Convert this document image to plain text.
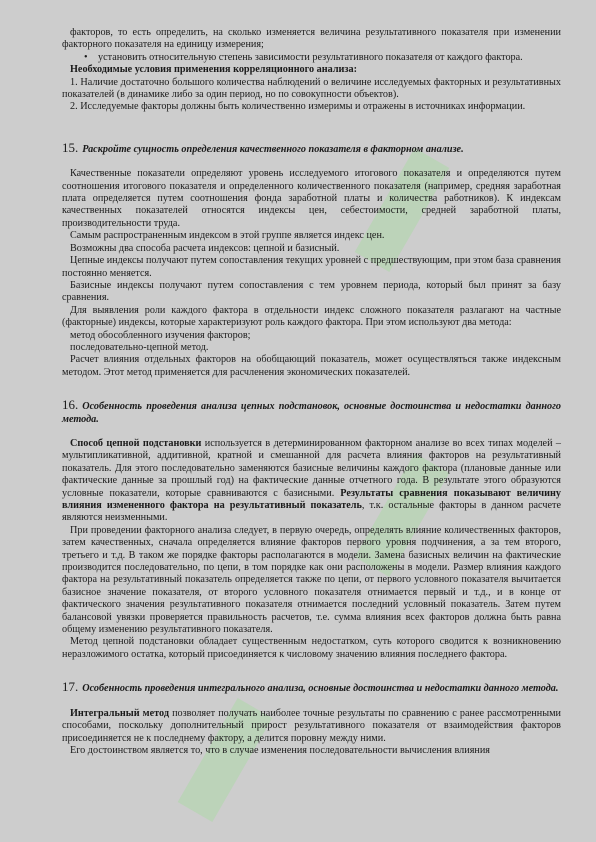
факторов, то есть определить, на сколько изменяется величина результативного показателя при изменении факторного показателя на единицу измерения;

• установить относительную степень зависимости результативного показателя от каждого фактора.

Необходимые условия применения корреляционного анализа:

1. Наличие достаточно большого количества наблюдений о величине исследуемых факторных и результативных показателей (в динамике либо за один период, но по совокупности объектов).

2. Исследуемые факторы должны быть количественно измеримы и отражены в источниках информации.

15. Раскройте сущность определения качественного показателя в факторном анализе.

Качественные показатели определяют уровень исследуемого итогового показателя и определяются путем соотношения итогового показателя и определенного количественного показателя (например, средняя заработная плата определяется путем соотношения фонда заработной платы и количества работников). К индексам качественных показателей относятся индексы цен, себестоимости, средней заработной платы, производительности труда.

Самым распространенным индексом в этой группе является индекс цен.

Возможны два способа расчета индексов: цепной и базисный.

Цепные индексы получают путем сопоставления текущих уровней с предшествующим, при этом база сравнения постоянно меняется.

Базисные индексы получают путем сопоставления с тем уровнем периода, который был принят за базу сравнения.

Для выявления роли каждого фактора в отдельности индекс сложного показателя разлагают на частные (факторные) индексы, которые характеризуют роль каждого фактора. При этом используют два метода:

метод обособленного изучения факторов;

последовательно-цепной метод.

Расчет влияния отдельных факторов на обобщающий показатель, может осуществляться также индексным методом. Этот метод применяется для расчленения экономических показателей.

16. Особенность проведения анализа цепных подстановок, основные достоинства и недостатки данного метода.

Способ цепной подстановки используется в детерминированном факторном анализе во всех типах моделей – мультипликативной, аддитивной, кратной и смешанной для расчета влияния факторов на результативный показатель. Для этого последовательно заменяются базисные величины каждого фактора (плановые данные или фактические данные за прошлый год) на фактические данные отчетного года. В результате этого образуются условные показатели, которые сравниваются с базисными. Результаты сравнения показывают величину влияния измененного фактора на результативный показатель, т.к. остальные факторы в данном расчете являются неизменными.

При проведении факторного анализа следует, в первую очередь, определять влияние количественных факторов, затем качественных, сначала определяется влияние факторов первого уровня подчинения, а за тем второго, третьего и т.д. В таком же порядке факторы располагаются в модели. Замена базисных величин на фактические производится последовательно, по цепи, в том порядке как они расположены в модели. Размер влияния каждого фактора на результативный показатель определяется также по цепи, от первого условного показателя вычитается базисное значение показателя, от второго условного показателя отнимается первый и т.д., и в конце от фактического значения результативного показателя отнимается последний условный показатель. Затем путем балансовой увязки проверяется правильность расчетов, т.е. сумма влияния всех факторов должна быть равна общему изменению результативного показателя.

Метод цепной подстановки обладает существенным недостатком, суть которого сводится к возникновению неразложимого остатка, который присоединяется к числовому значению влияния последнего фактора.

17. Особенность проведения интегрального анализа, основные достоинства и недостатки данного метода.

Интегральный метод позволяет получать наиболее точные результаты по сравнению с ранее рассмотренными способами, поскольку дополнительный прирост результативного показателя от взаимодействия факторов присоединяется не к последнему фактору, а делится поровну между ними.

Его достоинством является то, что в случае изменения последовательности вычисления влияния
